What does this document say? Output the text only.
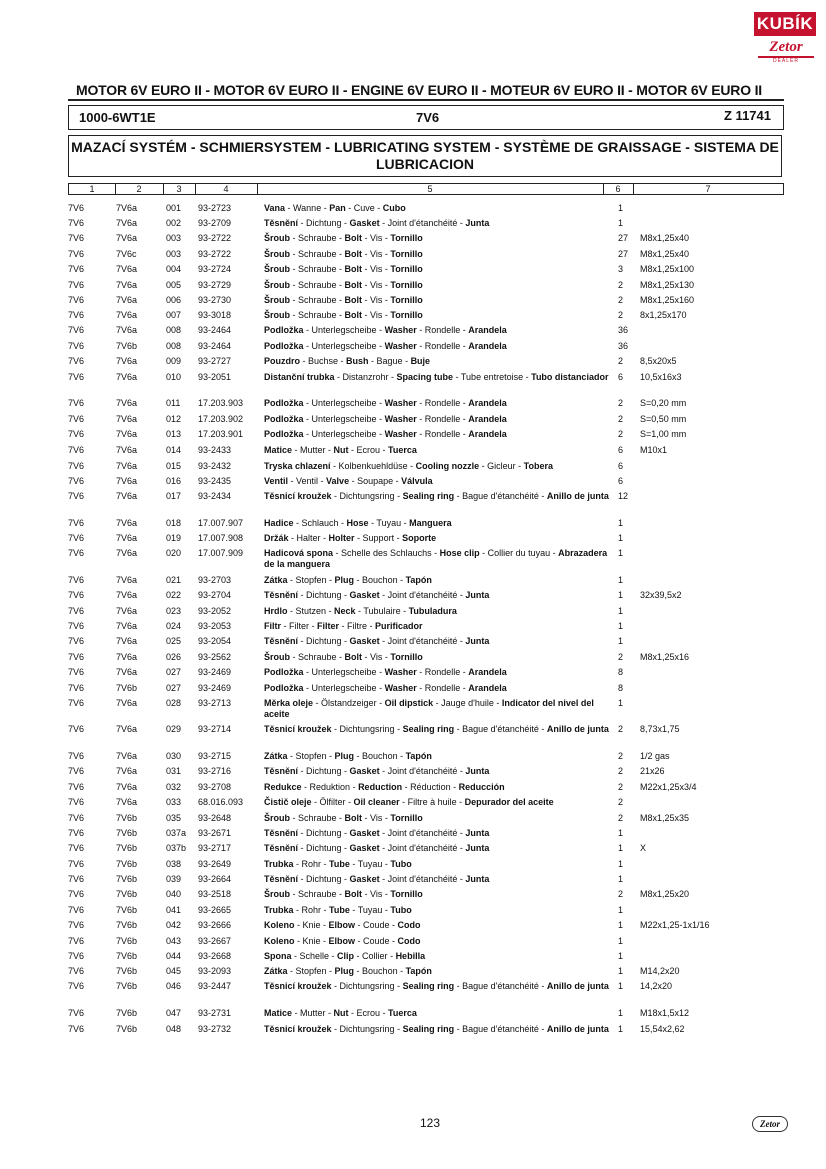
KUBÍK
Zetor
DEALER
MOTOR 6V EURO II - MOTOR 6V EURO II - ENGINE 6V EURO II - MOTEUR 6V EURO II - MOTOR 6V EURO II
1000-6WT1E	7V6	Z 11741
MAZACÍ SYSTÉM - SCHMIERSYSTEM - LUBRICATING SYSTEM - SYSTÈME DE GRAISSAGE - SISTEMA DE
LUBRICACION
1	2	3	4	5	6	7
7V6	7V6a	001 93-2723	Vana - Wanne - Pan - Cuve - Cubo	1
7V6	7V6a	002 93-2709	Těsnění - Dichtung - Gasket - Joint d'étanchéité - Junta	1
7V6	7V6a	003 93-2722	Šroub - Schraube - Bolt - Vis - Tornillo	27 M8x1,25x40
7V6	7V6c	003 93-2722	Šroub - Schraube - Bolt - Vis - Tornillo	27 M8x1,25x40
7V6	7V6a	004 93-2724	Šroub - Schraube - Bolt - Vis - Tornillo	3 M8x1,25x100
7V6	7V6a	005 93-2729	Šroub - Schraube - Bolt - Vis - Tornillo	2 M8x1,25x130
7V6	7V6a	006 93-2730	Šroub - Schraube - Bolt - Vis - Tornillo	2 M8x1,25x160
7V6	7V6a	007 93-3018	Šroub - Schraube - Bolt - Vis - Tornillo	2 8x1,25x170
7V6	7V6a	008 93-2464	Podložka - Unterlegscheibe - Washer - Rondelle - Arandela	36
7V6	7V6b	008 93-2464	Podložka - Unterlegscheibe - Washer - Rondelle - Arandela	36
7V6	7V6a	009 93-2727	Pouzdro - Buchse - Bush - Bague - Buje	2 8,5x20x5
7V6	7V6a	010 93-2051	Distanční trubka - Distanzrohr - Spacing tube - Tube entretoise - Tubo distanciador 6 10,5x16x3
7V6	7V6a	011 17.203.903 Podložka - Unterlegscheibe - Washer - Rondelle - Arandela	2 S=0,20 mm
7V6	7V6a	012 17.203.902 Podložka - Unterlegscheibe - Washer - Rondelle - Arandela	2 S=0,50 mm
7V6	7V6a	013 17.203.901 Podložka - Unterlegscheibe - Washer - Rondelle - Arandela	2 S=1,00 mm
7V6	7V6a	014 93-2433	Matice - Mutter - Nut - Ecrou - Tuerca	6 M10x1
7V6	7V6a	015 93-2432	Tryska chlazení - Kolbenkuehldüse - Cooling nozzle - Gicleur - Tobera	6
7V6	7V6a	016 93-2435	Ventil - Ventil - Valve - Soupape - Válvula	6
7V6	7V6a	017 93-2434	Těsnicí kroužek - Dichtungsring - Sealing ring - Bague d'étanchéité - Anillo de junta 12
7V6	7V6a	018 17.007.907 Hadice - Schlauch - Hose - Tuyau - Manguera	1
7V6	7V6a	019 17.007.908 Držák - Halter - Holter - Support - Soporte	1
7V6	7V6a	020 17.007.909 Hadicová spona - Schelle des Schlauchs - Hose clip - Collier du tuyau - Abrazadera de la manguera
1
7V6	7V6a	021 93-2703	Zátka - Stopfen - Plug - Bouchon - Tapón	1
7V6	7V6a	022 93-2704	Těsnění - Dichtung - Gasket - Joint d'étanchéité - Junta	1 32x39,5x2
7V6	7V6a	023 93-2052	Hrdlo - Stutzen - Neck - Tubulaire - Tubuladura	1
7V6	7V6a	024 93-2053	Filtr - Filter - Filter - Filtre - Purificador	1
7V6	7V6a	025 93-2054	Těsnění - Dichtung - Gasket - Joint d'étanchéité - Junta	1
7V6	7V6a	026 93-2562	Šroub - Schraube - Bolt - Vis - Tornillo	2 M8x1,25x16
7V6	7V6a	027 93-2469	Podložka - Unterlegscheibe - Washer - Rondelle - Arandela	8
7V6	7V6b	027 93-2469	Podložka - Unterlegscheibe - Washer - Rondelle - Arandela	8
7V6	7V6a	028 93-2713	Měrka oleje - Ölstandzeiger - Oil dipstick - Jauge d'huile - Indicator del nivel del aceite
1
7V6	7V6a	029 93-2714	Těsnicí kroužek - Dichtungsring - Sealing ring - Bague d'étanchéité - Anillo de junta 2 8,73x1,75
7V6	7V6a	030 93-2715	Zátka - Stopfen - Plug - Bouchon - Tapón	2 1/2 gas
7V6	7V6a	031 93-2716	Těsnění - Dichtung - Gasket - Joint d'étanchéité - Junta	2 21x26
7V6	7V6a	032 93-2708	Redukce - Reduktion - Reduction - Réduction - Reducción	2 M22x1,25x3/4
7V6	7V6a	033 68.016.093 Čistič oleje - Ölfilter - Oil cleaner - Filtre à huile - Depurador del aceite	2
7V6	7V6b	035 93-2648	Šroub - Schraube - Bolt - Vis - Tornillo	2 M8x1,25x35
7V6	7V6b	037a 93-2671	Těsnění - Dichtung - Gasket - Joint d'étanchéité - Junta	1
7V6	7V6b	037b 93-2717	Těsnění - Dichtung - Gasket - Joint d'étanchéité - Junta	1 X
7V6	7V6b	038 93-2649	Trubka - Rohr - Tube - Tuyau - Tubo	1
7V6	7V6b	039 93-2664	Těsnění - Dichtung - Gasket - Joint d'étanchéité - Junta	1
7V6	7V6b	040 93-2518	Šroub - Schraube - Bolt - Vis - Tornillo	2 M8x1,25x20
7V6	7V6b	041 93-2665	Trubka - Rohr - Tube - Tuyau - Tubo	1
7V6	7V6b	042 93-2666	Koleno - Knie - Elbow - Coude - Codo	1 M22x1,25-1x1/16
7V6	7V6b	043 93-2667	Koleno - Knie - Elbow - Coude - Codo	1
7V6	7V6b	044 93-2668	Spona - Schelle - Clip - Collier - Hebilla	1
7V6	7V6b	045 93-2093	Zátka - Stopfen - Plug - Bouchon - Tapón	1 M14,2x20
7V6	7V6b	046 93-2447	Těsnicí kroužek - Dichtungsring - Sealing ring - Bague d'étanchéité - Anillo de junta 1 14,2x20
7V6	7V6b	047 93-2731	Matice - Mutter - Nut - Ecrou - Tuerca	1 M18x1,5x12
7V6	7V6b	048 93-2732	Těsnicí kroužek - Dichtungsring - Sealing ring - Bague d'étanchéité - Anillo de junta 1 15,54x2,62
123	Zetor
